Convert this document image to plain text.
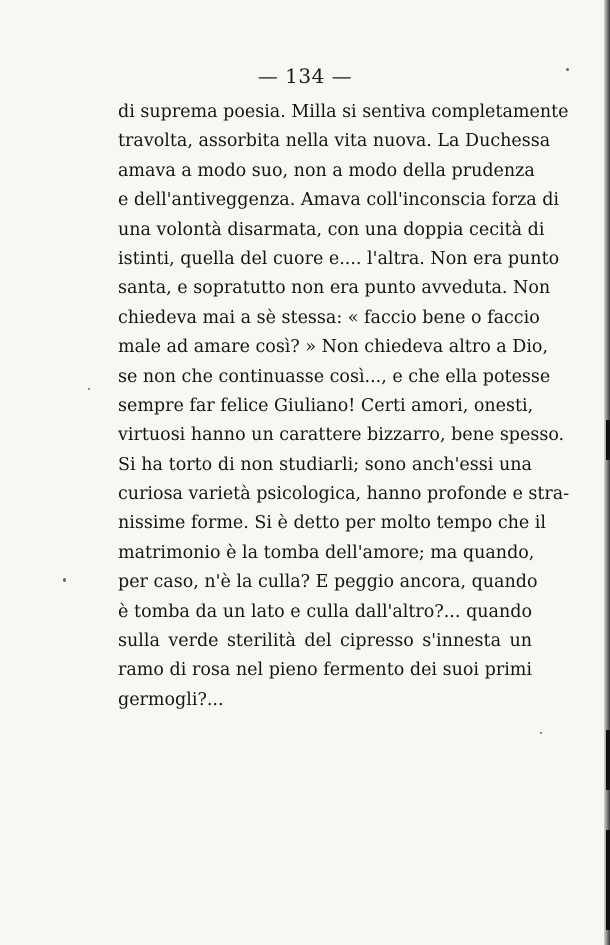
— 134 —
di suprema poesia. Milla si sentiva completamente
travolta, assorbita nella vita nuova. La Duchessa
amava a modo suo, non a modo della prudenza
e dell'antiveggenza. Amava coll'inconscia forza di
una volontà disarmata, con una doppia cecità di
istinti, quella del cuore e.... l'altra. Non era punto
santa, e sopratutto non era punto avveduta. Non
chiedeva mai a sè stessa: « faccio bene o faccio
male ad amare così? » Non chiedeva altro a Dio,
se non che continuasse così..., e che ella potesse
sempre far felice Giuliano! Certi amori, onesti,
virtuosi hanno un carattere bizzarro, bene spesso.
Si ha torto di non studiarli; sono anch'essi una
curiosa varietà psicologica, hanno profonde e stra-
nissime forme. Si è detto per molto tempo che il
matrimonio è la tomba dell'amore; ma quando,
per caso, n'è la culla? E peggio ancora, quando
è tomba da un lato e culla dall'altro?... quando
sulla verde sterilità del cipresso s'innesta un
ramo di rosa nel pieno fermento dei suoi primi
germogli?...
